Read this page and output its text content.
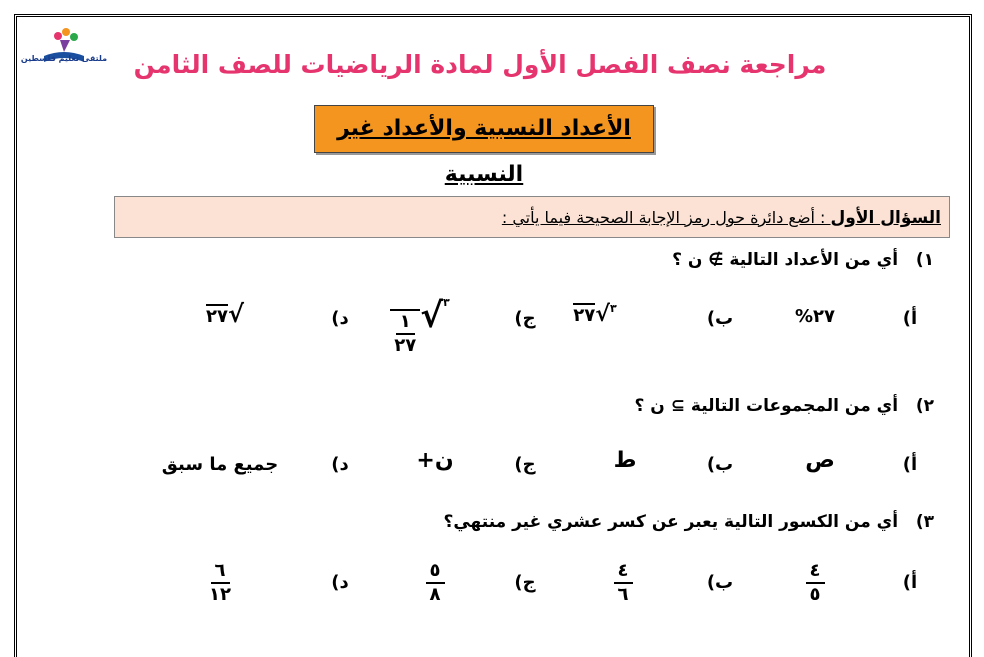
ملتقى تعليم فلسطين	مراجعة نصف الفصل الأول لمادة الرياضيات للصف الثامن
الأعداد النسبية والأعداد غير النسبية
السؤال الأول : أضع دائرة حول رمز الإجابة الصحيحة فيما يأتي :
١)   أي من الأعداد التالية ∌ ﻥ ؟
أ)
٢٧%
ب)
$^٣$√٢٧
ج)
$^٣$√
$\frac{١}{٢٧}$
د)
√٢٧
٢)   أي من المجموعات التالية ⊇ ﻥ ؟
أ)
ص
ب)
ط
ج)
ﻥ+
د)
جميع ما سبق
٣)   أي من الكسور التالية يعبر عن كسر عشري غير منتهي؟
أ)
$\frac{٤}{٥}$
ب)
$\frac{٤}{٦}$
ج)
$\frac{٥}{٨}$
د)
$\frac{٦}{١٢}$
